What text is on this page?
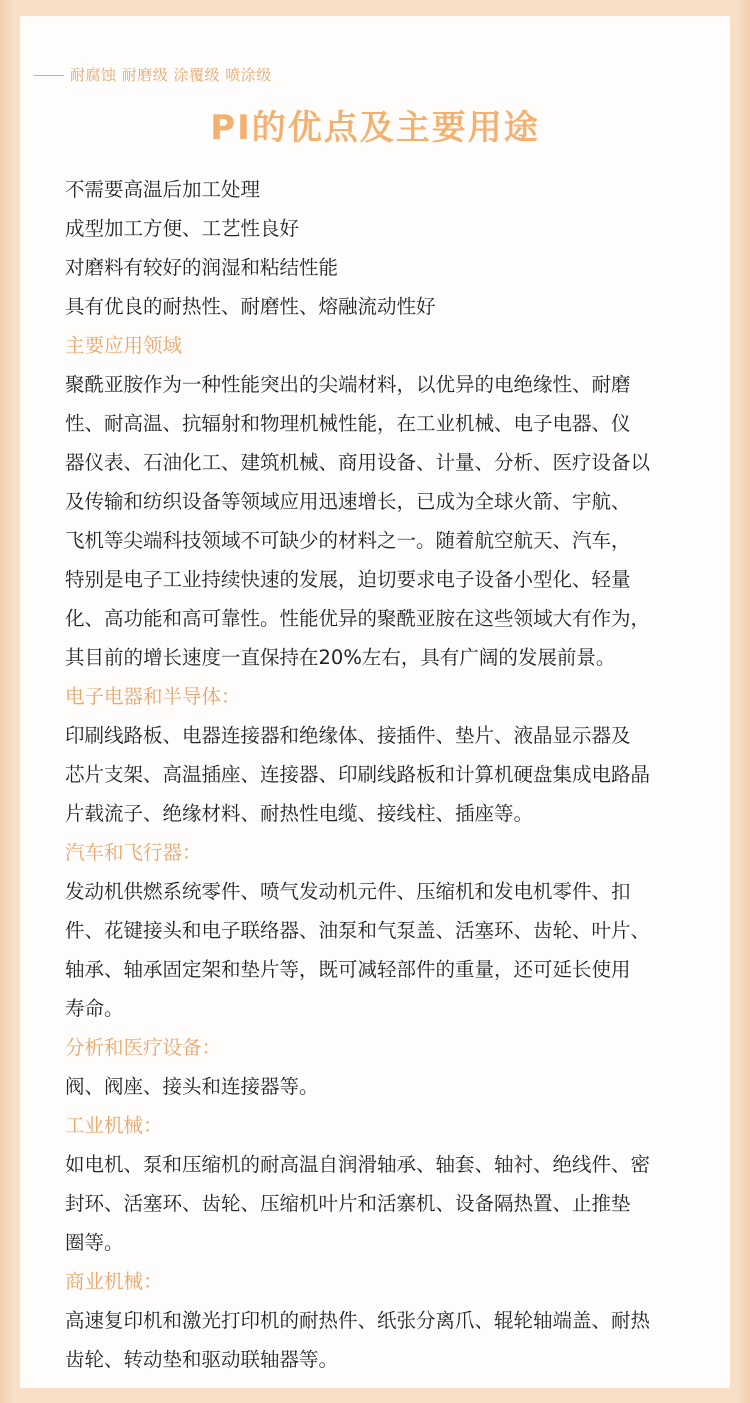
耐腐蚀 耐磨级 涂覆级 喷涂级
PI的优点及主要用途

不需要高温后加工处理

成型加工方便、工艺性良好

对磨料有较好的润湿和粘结性能

具有优良的耐热性、耐磨性、熔融流动性好

主要应用领域

聚酰亚胺作为一种性能突出的尖端材料，以优异的电绝缘性、耐磨

性、耐高温、抗辐射和物理机械性能，在工业机械、电子电器、仪

器仪表、石油化工、建筑机械、商用设备、计量、分析、医疗设备以

及传输和纺织设备等领域应用迅速增长，已成为全球火箭、宇航、

飞机等尖端科技领域不可缺少的材料之一。随着航空航天、汽车，

特别是电子工业持续快速的发展，迫切要求电子设备小型化、轻量

化、高功能和高可靠性。性能优异的聚酰亚胺在这些领域大有作为，

其目前的增长速度一直保持在20%左右，具有广阔的发展前景。

电子电器和半导体：

印刷线路板、电器连接器和绝缘体、接插件、垫片、液晶显示器及

芯片支架、高温插座、连接器、印刷线路板和计算机硬盘集成电路晶

片载流子、绝缘材料、耐热性电缆、接线柱、插座等。

汽车和飞行器：

发动机供燃系统零件、喷气发动机元件、压缩机和发电机零件、扣

件、花键接头和电子联络器、油泵和气泵盖、活塞环、齿轮、叶片、

轴承、轴承固定架和垫片等，既可减轻部件的重量，还可延长使用

寿命。

分析和医疗设备：

阀、阀座、接头和连接器等。

工业机械：

如电机、泵和压缩机的耐高温自润滑轴承、轴套、轴衬、绝线件、密

封环、活塞环、齿轮、压缩机叶片和活寨机、设备隔热置、止推垫

圈等。

商业机械：

高速复印机和激光打印机的耐热件、纸张分离爪、辊轮轴端盖、耐热

齿轮、转动垫和驱动联轴器等。
